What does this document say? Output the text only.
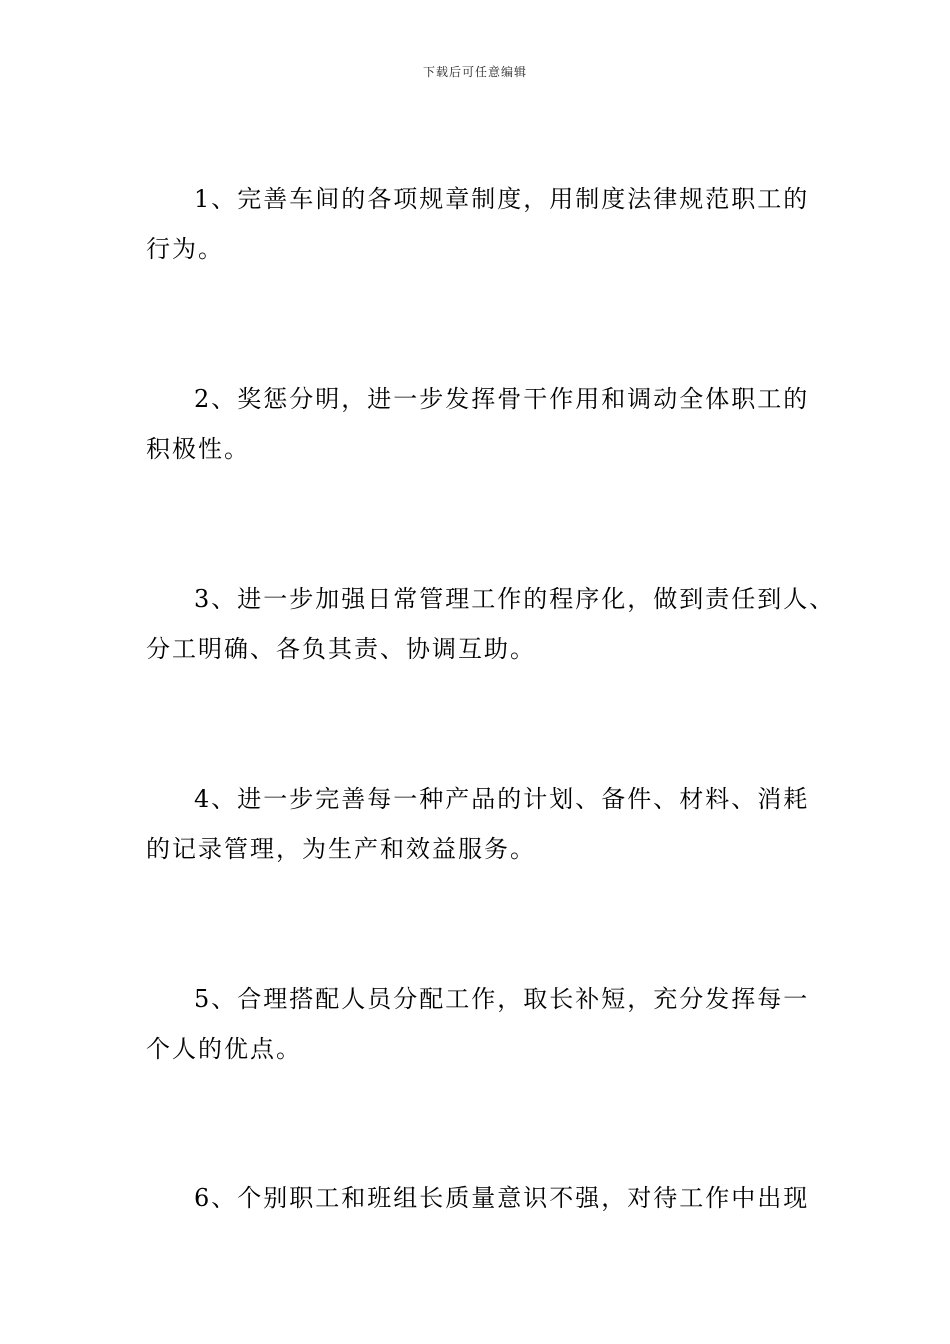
下载后可任意编辑

1、完善车间的各项规章制度，用制度法律规范职工的
行为。

2、奖惩分明，进一步发挥骨干作用和调动全体职工的
积极性。

3、进一步加强日常管理工作的程序化，做到责任到人、
分工明确、各负其责、协调互助。

4、进一步完善每一种产品的计划、备件、材料、消耗
的记录管理，为生产和效益服务。

5、合理搭配人员分配工作，取长补短，充分发挥每一
个人的优点。

6、个别职工和班组长质量意识不强，对待工作中出现
